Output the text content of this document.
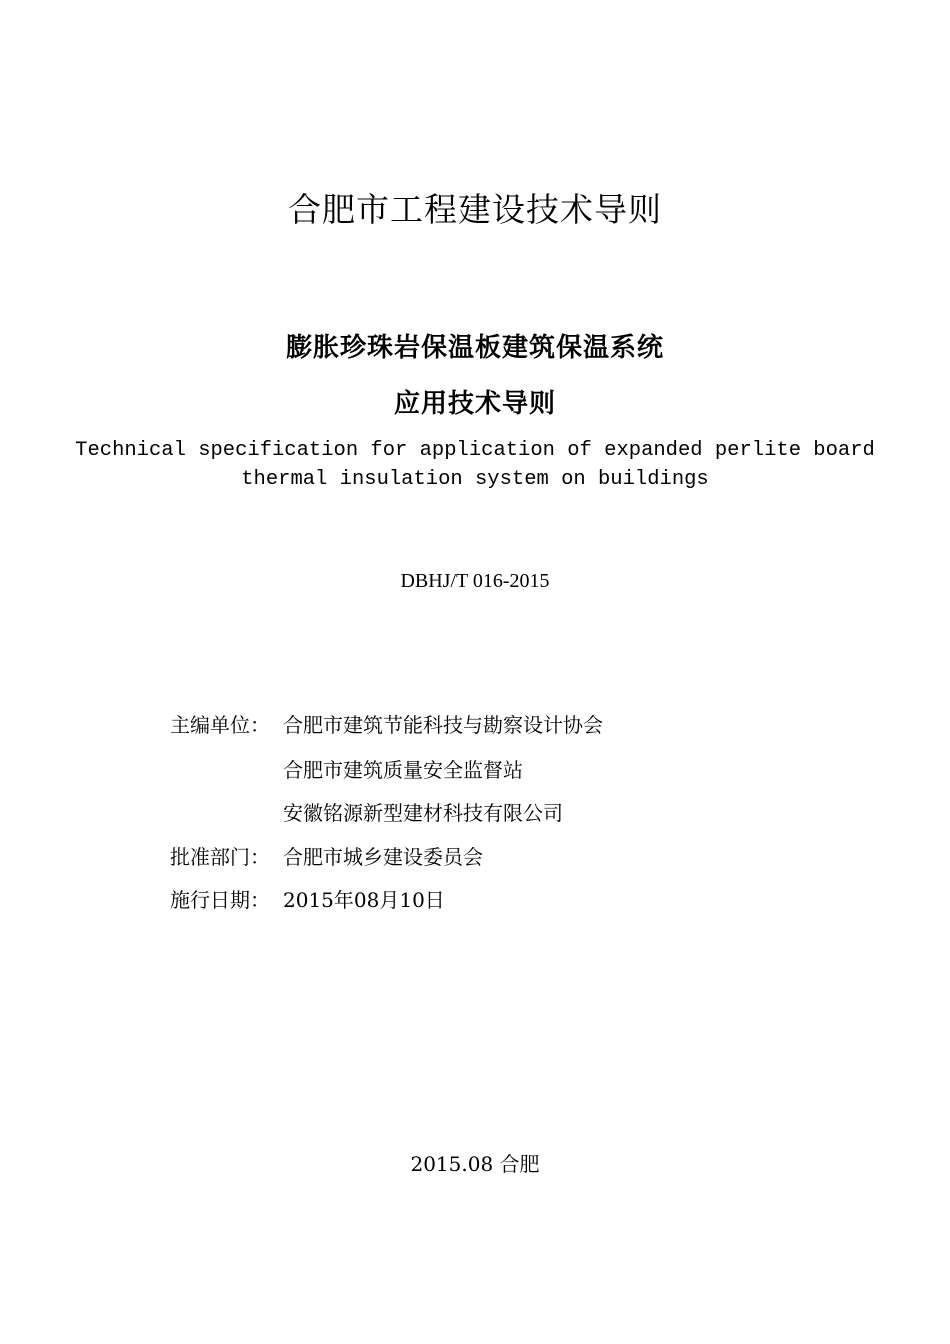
合肥市工程建设技术导则
膨胀珍珠岩保温板建筑保温系统
应用技术导则
Technical specification for application of expanded perlite board
thermal insulation system on buildings
DBHJ/T 016-2015
主编单位： 合肥市建筑节能科技与勘察设计协会
合肥市建筑质量安全监督站
安徽铭源新型建材科技有限公司
批准部门： 合肥市城乡建设委员会
施行日期： 2015年08月10日
2015.08 合肥
